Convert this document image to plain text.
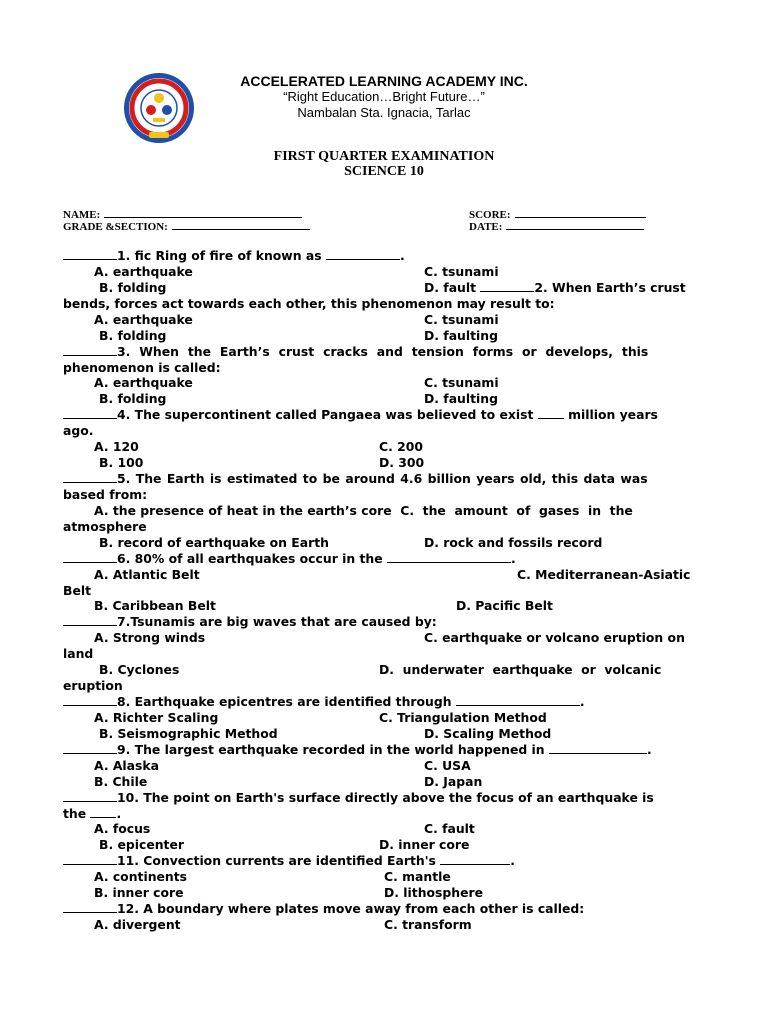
ACCELERATED LEARNING ACADEMY INC.
“Right Education…Bright Future…”
Nambalan Sta. Ignacia, Tarlac
FIRST QUARTER EXAMINATION
SCIENCE 10
NAME:
GRADE &SECTION:
SCORE:
DATE:
1. fic Ring of fire of known as	.
A. earthquake	C. tsunami
B. folding	D. fault	2. When Earth’s crust
bends, forces act towards each other, this phenomenon may result to:
A. earthquake	C. tsunami
B. folding	D. faulting
3. When the Earth’s crust cracks and tension forms or develops, this
phenomenon is called:
A. earthquake	C. tsunami
B. folding	D. faulting
4. The supercontinent called Pangaea was believed to exist	million years
ago.
A. 120	C. 200
B. 100	D. 300
5. The Earth is estimated to be around 4.6 billion years old, this data was
based from:
A. the presence of heat in the earth’s core  C.  the  amount  of  gases  in  the
atmosphere
B. record of earthquake on Earth	D. rock and fossils record
6. 80% of all earthquakes occur in the	.
A. Atlantic Belt	C. Mediterranean-Asiatic
Belt
B. Caribbean Belt	D. Pacific Belt
7.Tsunamis are big waves that are caused by:
A. Strong winds	C. earthquake or volcano eruption on
land
B. Cyclones	D.  underwater  earthquake  or  volcanic
eruption
8. Earthquake epicentres are identified through	.
A. Richter Scaling	C. Triangulation Method
B. Seismographic Method	D. Scaling Method
9. The largest earthquake recorded in the world happened in	.
A. Alaska	C. USA
B. Chile	D. Japan
10. The point on Earth's surface directly above the focus of an earthquake is
the .
A. focus	C. fault
B. epicenter	D. inner core
11. Convection currents are identified Earth's	.
A. continents	C. mantle
B. inner core	D. lithosphere
12. A boundary where plates move away from each other is called:
A. divergent	C. transform
